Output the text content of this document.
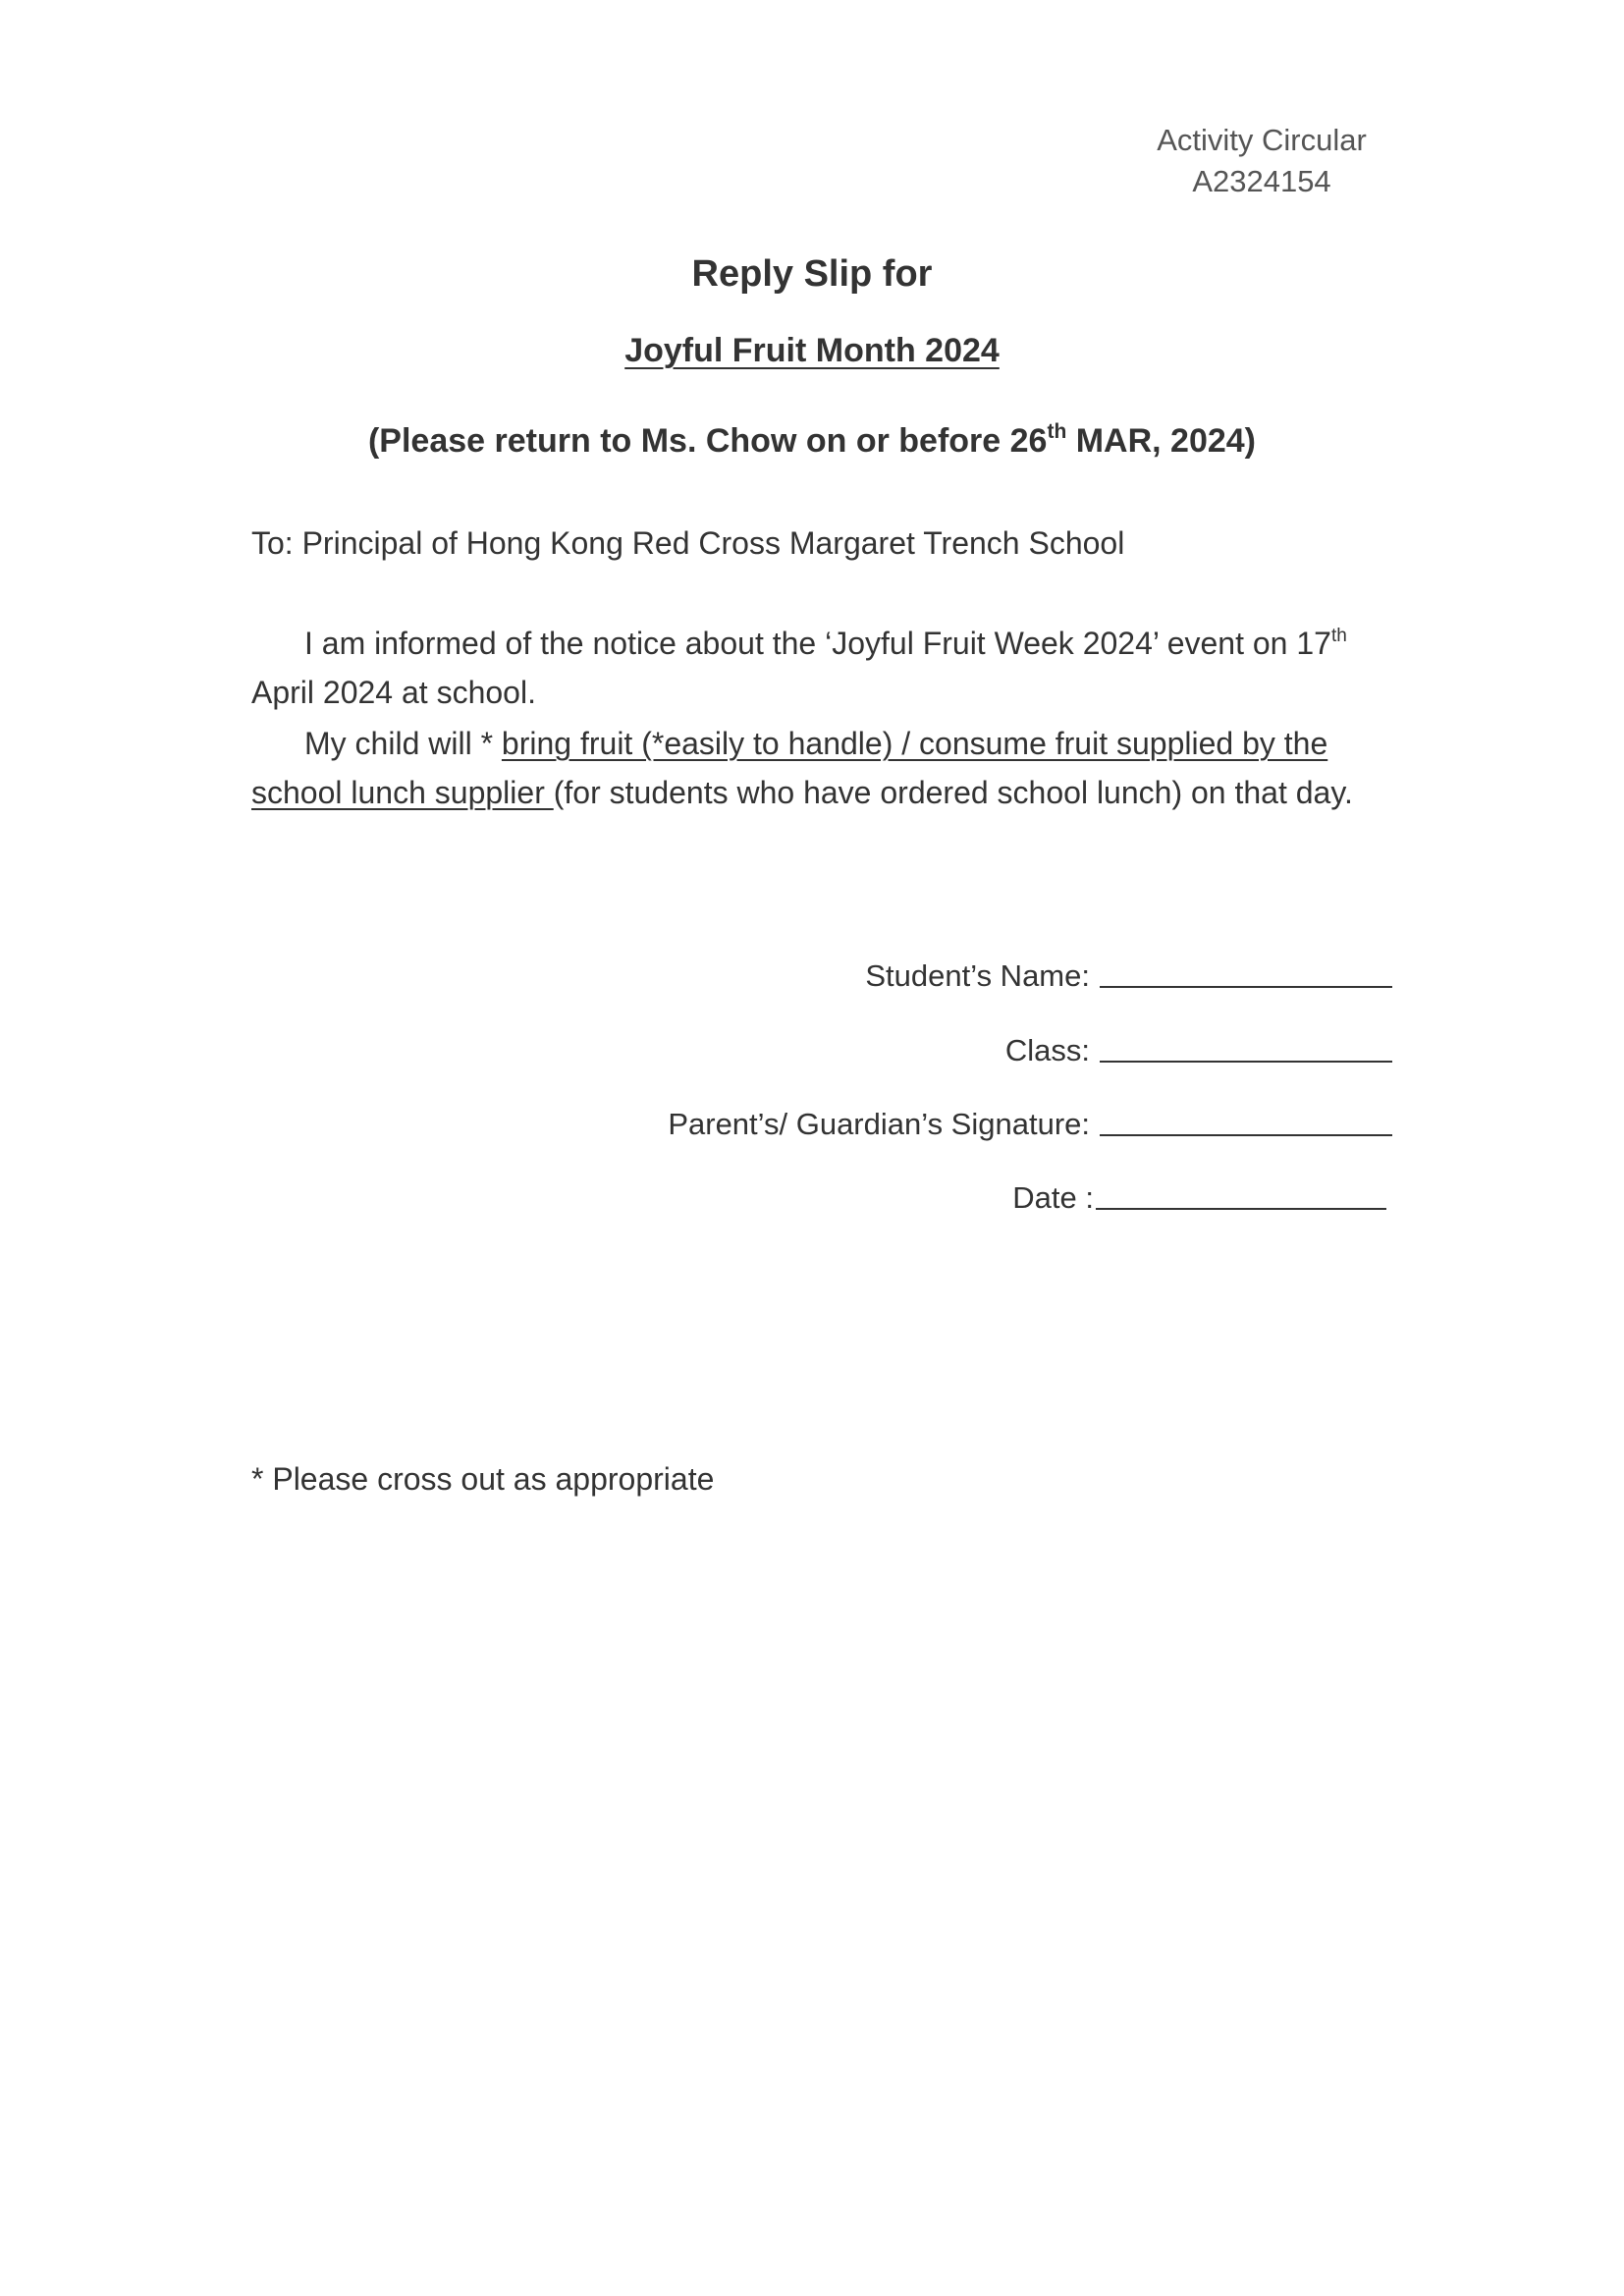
Activity Circular
A2324154
Reply Slip for
Joyful Fruit Month 2024
(Please return to Ms. Chow on or before 26th MAR, 2024)
To: Principal of Hong Kong Red Cross Margaret Trench School
I am informed of the notice about the ‘Joyful Fruit Week 2024’ event on 17th April 2024 at school.
My child will * bring fruit (*easily to handle) / consume fruit supplied by the school lunch supplier (for students who have ordered school lunch) on that day.
Student’s Name:
Class:
Parent’s/ Guardian’s Signature:
Date :
* Please cross out as appropriate
